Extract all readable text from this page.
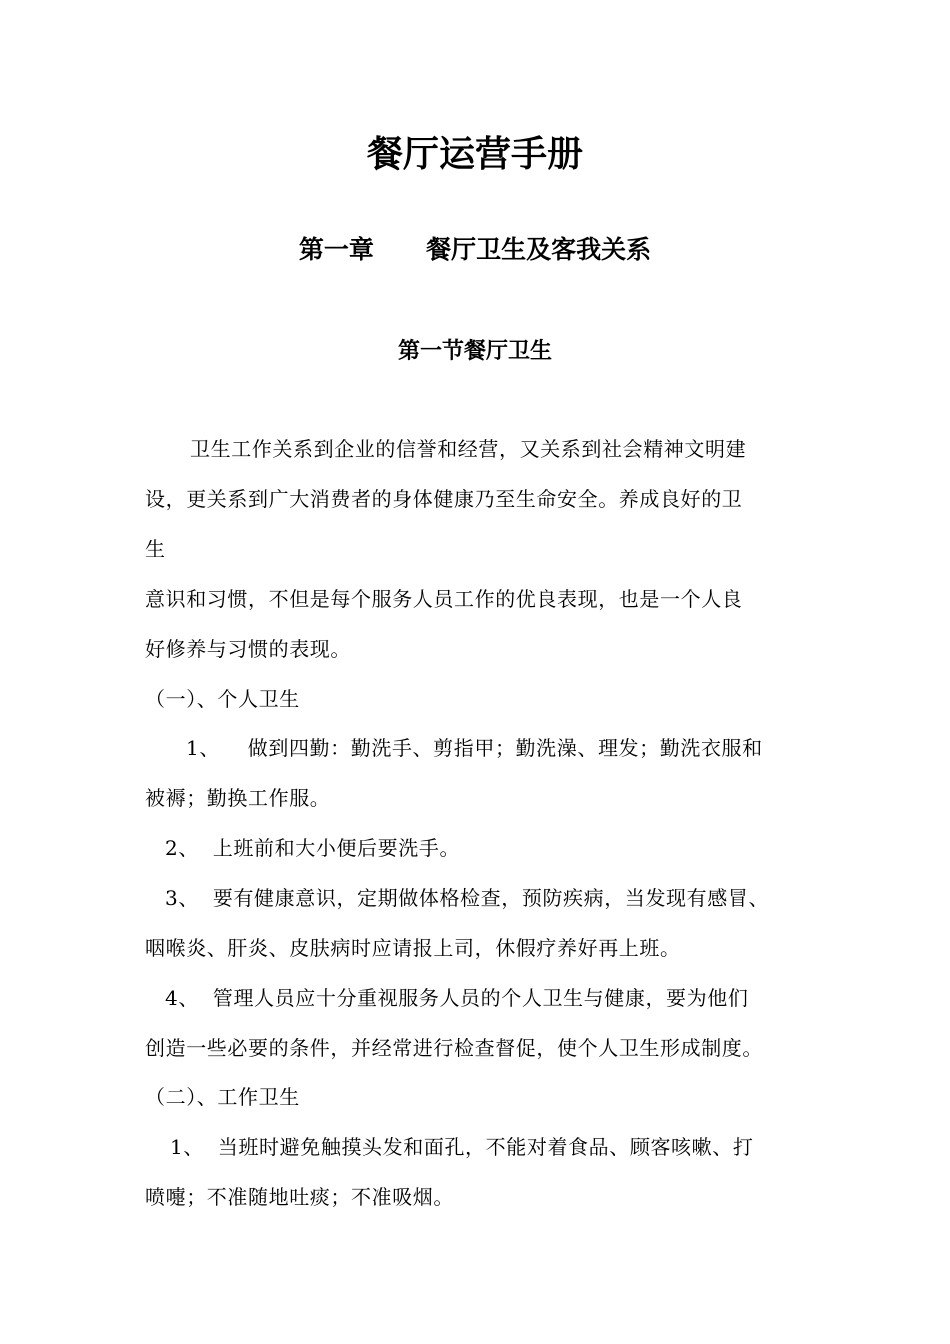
餐厅运营手册
第一章      餐厅卫生及客我关系
第一节餐厅卫生
卫生工作关系到企业的信誉和经营，又关系到社会精神文明建
设，更关系到广大消费者的身体健康乃至生命安全。养成良好的卫
生
意识和习惯，不但是每个服务人员工作的优良表现，也是一个人良
好修养与习惯的表现。
（一）、个人卫生
1、    做到四勤：勤洗手、剪指甲；勤洗澡、理发；勤洗衣服和
被褥；勤换工作服。
2、  上班前和大小便后要洗手。
3、  要有健康意识，定期做体格检查，预防疾病，当发现有感冒、
咽喉炎、肝炎、皮肤病时应请报上司，休假疗养好再上班。
4、  管理人员应十分重视服务人员的个人卫生与健康，要为他们
创造一些必要的条件，并经常进行检查督促，使个人卫生形成制度。
（二）、工作卫生
1、  当班时避免触摸头发和面孔，不能对着食品、顾客咳嗽、打
喷嚏；不准随地吐痰；不准吸烟。
